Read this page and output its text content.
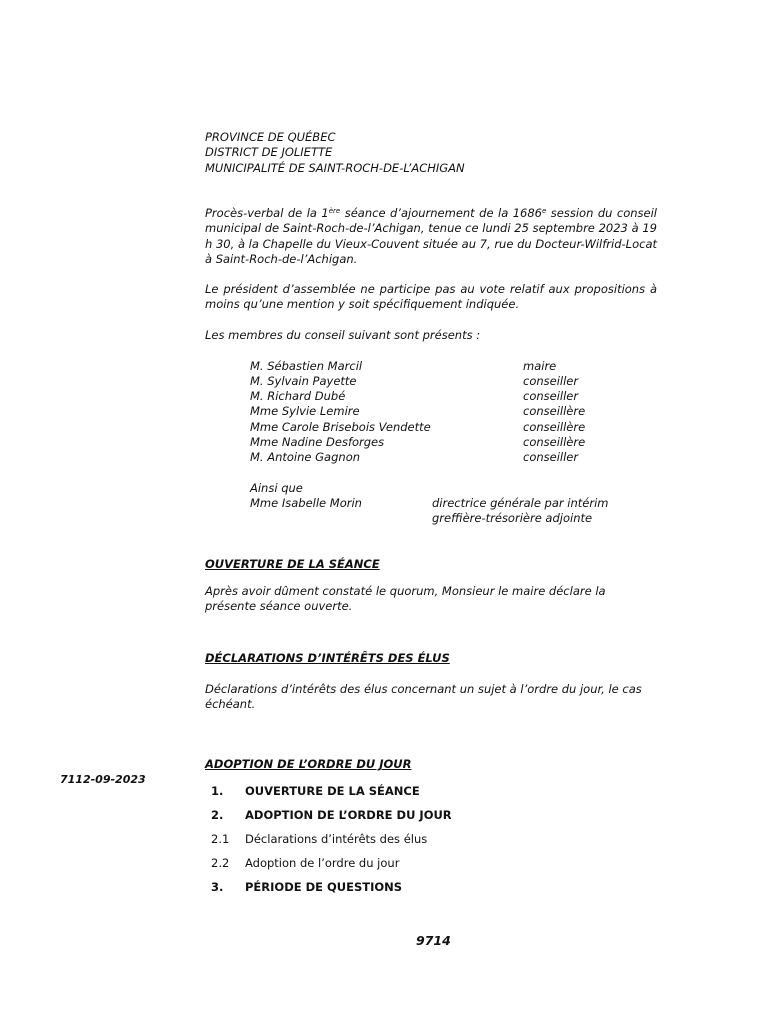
PROVINCE DE QUÉBEC
DISTRICT DE JOLIETTE
MUNICIPALITÉ DE SAINT-ROCH-DE-L’ACHIGAN
Procès-verbal de la 1ère séance d’ajournement de la 1686e session du conseil municipal de Saint-Roch-de-l’Achigan, tenue ce lundi 25 septembre 2023 à 19 h 30, à la Chapelle du Vieux-Couvent située au 7, rue du Docteur-Wilfrid-Locat à Saint-Roch-de-l’Achigan.
Le président d’assemblée ne participe pas au vote relatif aux propositions à moins qu’une mention y soit spécifiquement indiquée.
Les membres du conseil suivant sont présents :
M. Sébastien Marcil	maire
M. Sylvain Payette	conseiller
M. Richard Dubé	conseiller
Mme Sylvie Lemire	conseillère
Mme Carole Brisebois Vendette	conseillère
Mme Nadine Desforges	conseillère
M. Antoine Gagnon	conseiller
Ainsi que
Mme Isabelle Morin	directrice générale par intérim
greffière-trésorière adjointe
OUVERTURE DE LA SÉANCE
Après avoir dûment constaté le quorum, Monsieur le maire déclare la présente séance ouverte.
DÉCLARATIONS D’INTÉRÊTS DES ÉLUS
Déclarations d’intérêts des élus concernant un sujet à l’ordre du jour, le cas échéant.
ADOPTION DE L’ORDRE DU JOUR
7112-09-2023
1. OUVERTURE DE LA SÉANCE
2. ADOPTION DE L’ORDRE DU JOUR
2.1 Déclarations d’intérêts des élus
2.2 Adoption de l’ordre du jour
3. PÉRIODE DE QUESTIONS
9714
